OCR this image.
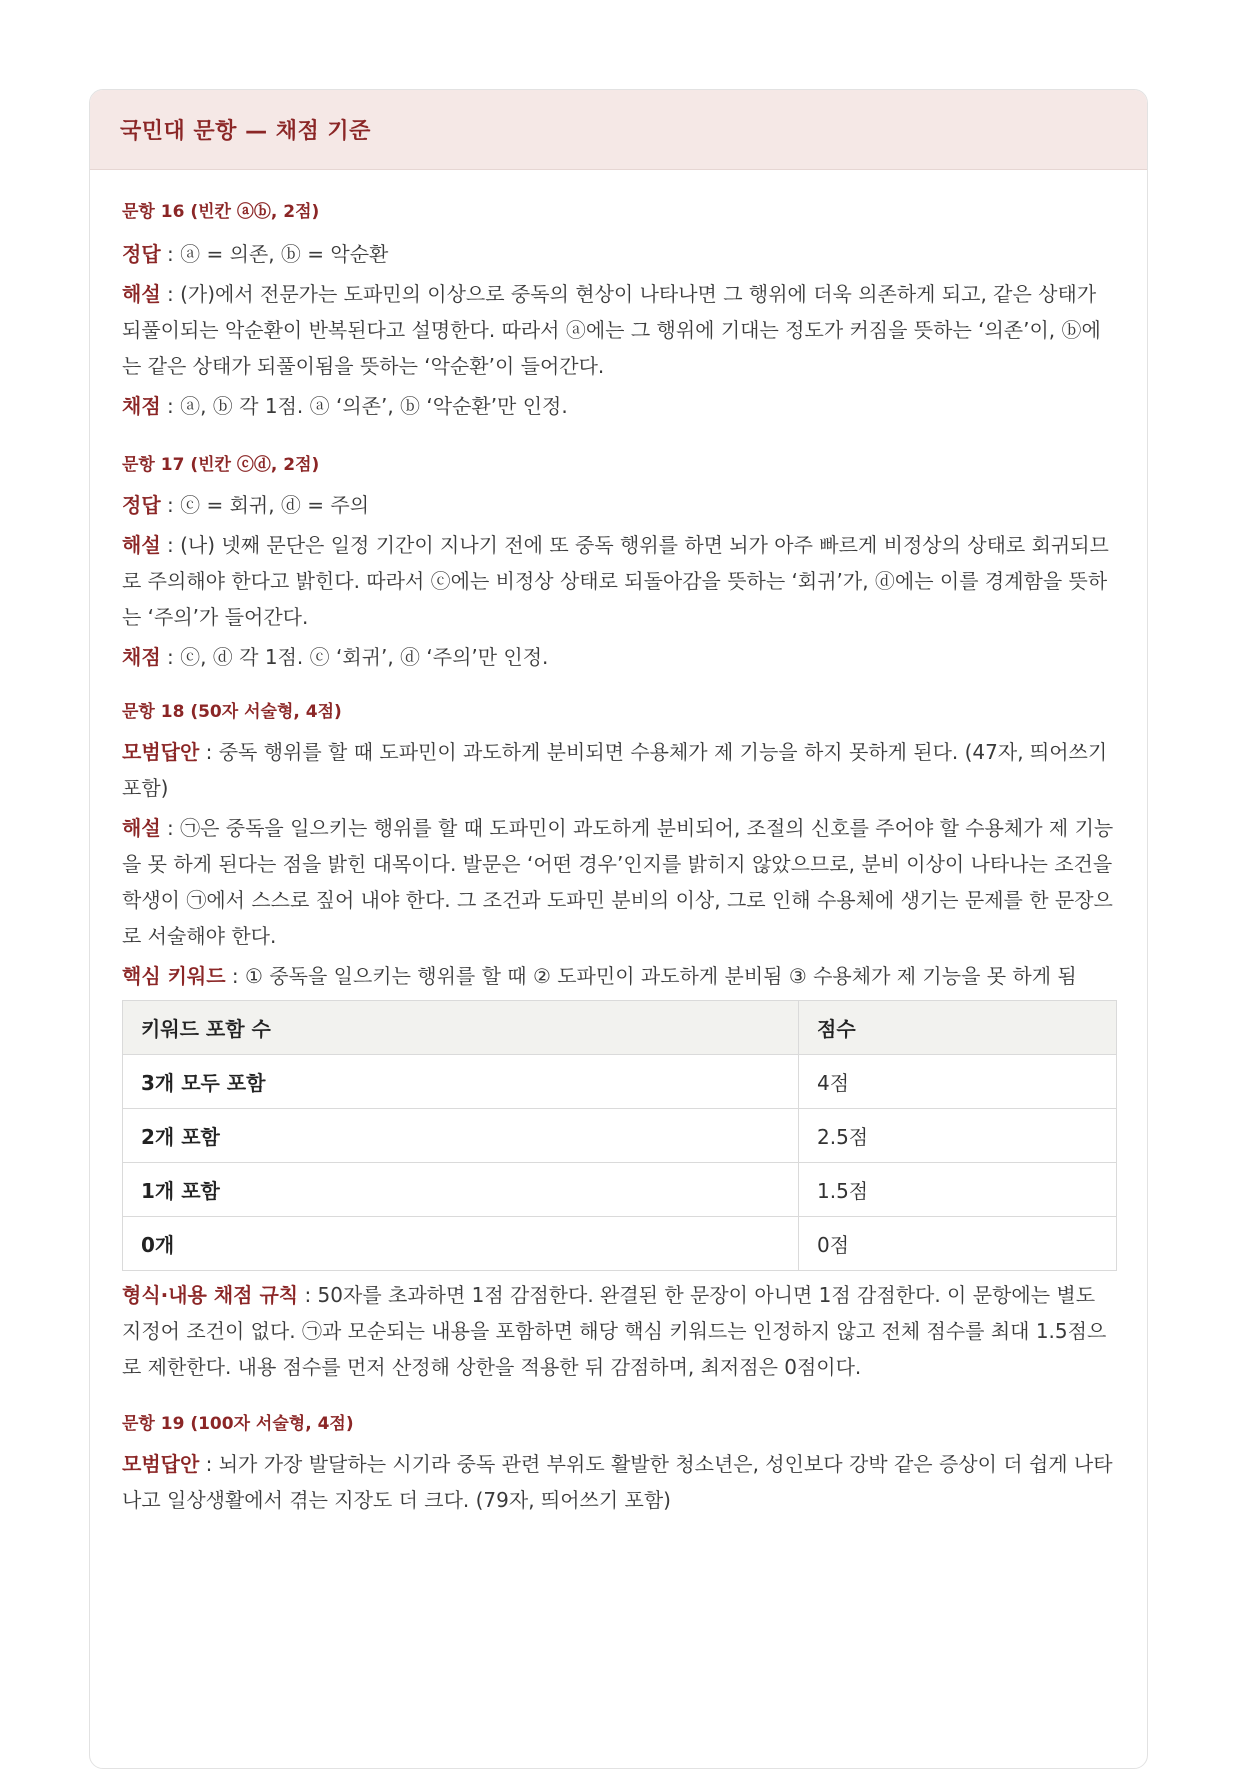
국민대 문항 — 채점 기준

문항 16 (빈칸 ⓐⓑ, 2점)

정답 : ⓐ = 의존, ⓑ = 악순환

해설 : (가)에서 전문가는 도파민의 이상으로 중독의 현상이 나타나면 그 행위에 더욱 의존하게 되고, 같은 상태가 되풀이되는 악순환이 반복된다고 설명한다. 따라서 ⓐ에는 그 행위에 기대는 정도가 커짐을 뜻하는 ‘의존’이, ⓑ에는 같은 상태가 되풀이됨을 뜻하는 ‘악순환’이 들어간다.

채점 : ⓐ, ⓑ 각 1점. ⓐ ‘의존’, ⓑ ‘악순환’만 인정.

문항 17 (빈칸 ⓒⓓ, 2점)

정답 : ⓒ = 회귀, ⓓ = 주의

해설 : (나) 넷째 문단은 일정 기간이 지나기 전에 또 중독 행위를 하면 뇌가 아주 빠르게 비정상의 상태로 회귀되므로 주의해야 한다고 밝힌다. 따라서 ⓒ에는 비정상 상태로 되돌아감을 뜻하는 ‘회귀’가, ⓓ에는 이를 경계함을 뜻하는 ‘주의’가 들어간다.

채점 : ⓒ, ⓓ 각 1점. ⓒ ‘회귀’, ⓓ ‘주의’만 인정.

문항 18 (50자 서술형, 4점)

모범답안 : 중독 행위를 할 때 도파민이 과도하게 분비되면 수용체가 제 기능을 하지 못하게 된다. (47자, 띄어쓰기 포함)

해설 : ㉠은 중독을 일으키는 행위를 할 때 도파민이 과도하게 분비되어, 조절의 신호를 주어야 할 수용체가 제 기능을 못 하게 된다는 점을 밝힌 대목이다. 발문은 ‘어떤 경우’인지를 밝히지 않았으므로, 분비 이상이 나타나는 조건을 학생이 ㉠에서 스스로 짚어 내야 한다. 그 조건과 도파민 분비의 이상, 그로 인해 수용체에 생기는 문제를 한 문장으로 서술해야 한다.

핵심 키워드 : ① 중독을 일으키는 행위를 할 때 ② 도파민이 과도하게 분비됨 ③ 수용체가 제 기능을 못 하게 됨

키워드 포함 수	점수
3개 모두 포함	4점
2개 포함	2.5점
1개 포함	1.5점
0개	0점

형식·내용 채점 규칙 : 50자를 초과하면 1점 감점한다. 완결된 한 문장이 아니면 1점 감점한다. 이 문항에는 별도 지정어 조건이 없다. ㉠과 모순되는 내용을 포함하면 해당 핵심 키워드는 인정하지 않고 전체 점수를 최대 1.5점으로 제한한다. 내용 점수를 먼저 산정해 상한을 적용한 뒤 감점하며, 최저점은 0점이다.

문항 19 (100자 서술형, 4점)

모범답안 : 뇌가 가장 발달하는 시기라 중독 관련 부위도 활발한 청소년은, 성인보다 강박 같은 증상이 더 쉽게 나타나고 일상생활에서 겪는 지장도 더 크다. (79자, 띄어쓰기 포함)
